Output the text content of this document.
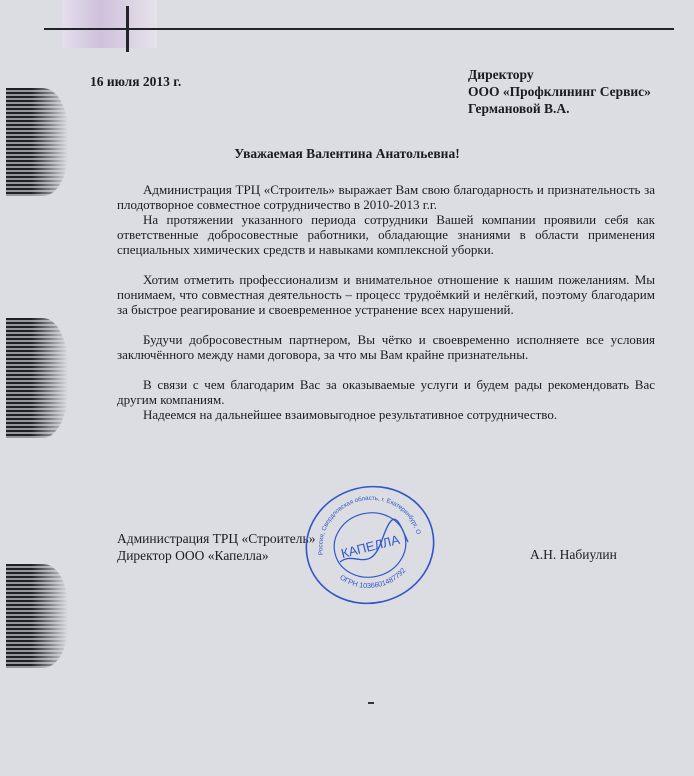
16 июля 2013 г.	Директору
ООО «Профклининг Сервис»
Германовой В.А.
Уважаемая Валентина Анатольевна!

Администрация ТРЦ «Строитель» выражает Вам свою благодарность и признательность за плодотворное совместное сотрудничество в 2010-2013 г.г.

На протяжении указанного периода сотрудники Вашей компании проявили себя как ответственные добросовестные работники, обладающие знаниями в области применения специальных химических средств и навыками комплексной уборки.

Хотим отметить профессионализм и внимательное отношение к нашим пожеланиям. Мы понимаем, что совместная деятельность – процесс трудоёмкий и нелёгкий, поэтому благодарим за быстрое реагирование и своевременное устранение всех нарушений.

Будучи добросовестным партнером, Вы чётко и своевременно исполняете все условия заключённого между нами договора, за что мы Вам крайне признательны.

В связи с чем благодарим Вас за оказываемые услуги и будем рады рекомендовать Вас другим компаниям.

Надеемся на дальнейшее взаимовыгодное результативное сотрудничество.

Администрация ТРЦ «Строитель»
Директор ООО «Капелла»	А.Н. Набиулин
Россия, Свердловская область, г. Екатеринбург, Общество
ОГРН 1036601487792
КАПЕЛЛА
